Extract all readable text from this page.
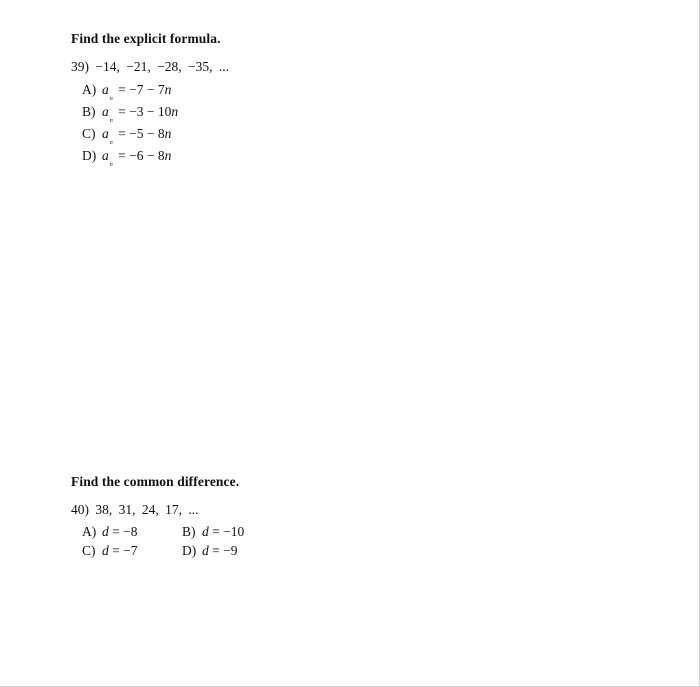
Find the explicit formula.
39) −14, −21, −28, −35, ...
A) $a_n = -7 - 7n$
B) $a_n = -3 - 10n$
C) $a_n = -5 - 8n$
D) $a_n = -6 - 8n$
Find the common difference.
40) 38, 31, 24, 17, ...
A) d = −8	B) d = −10
C) d = −7	D) d = −9
